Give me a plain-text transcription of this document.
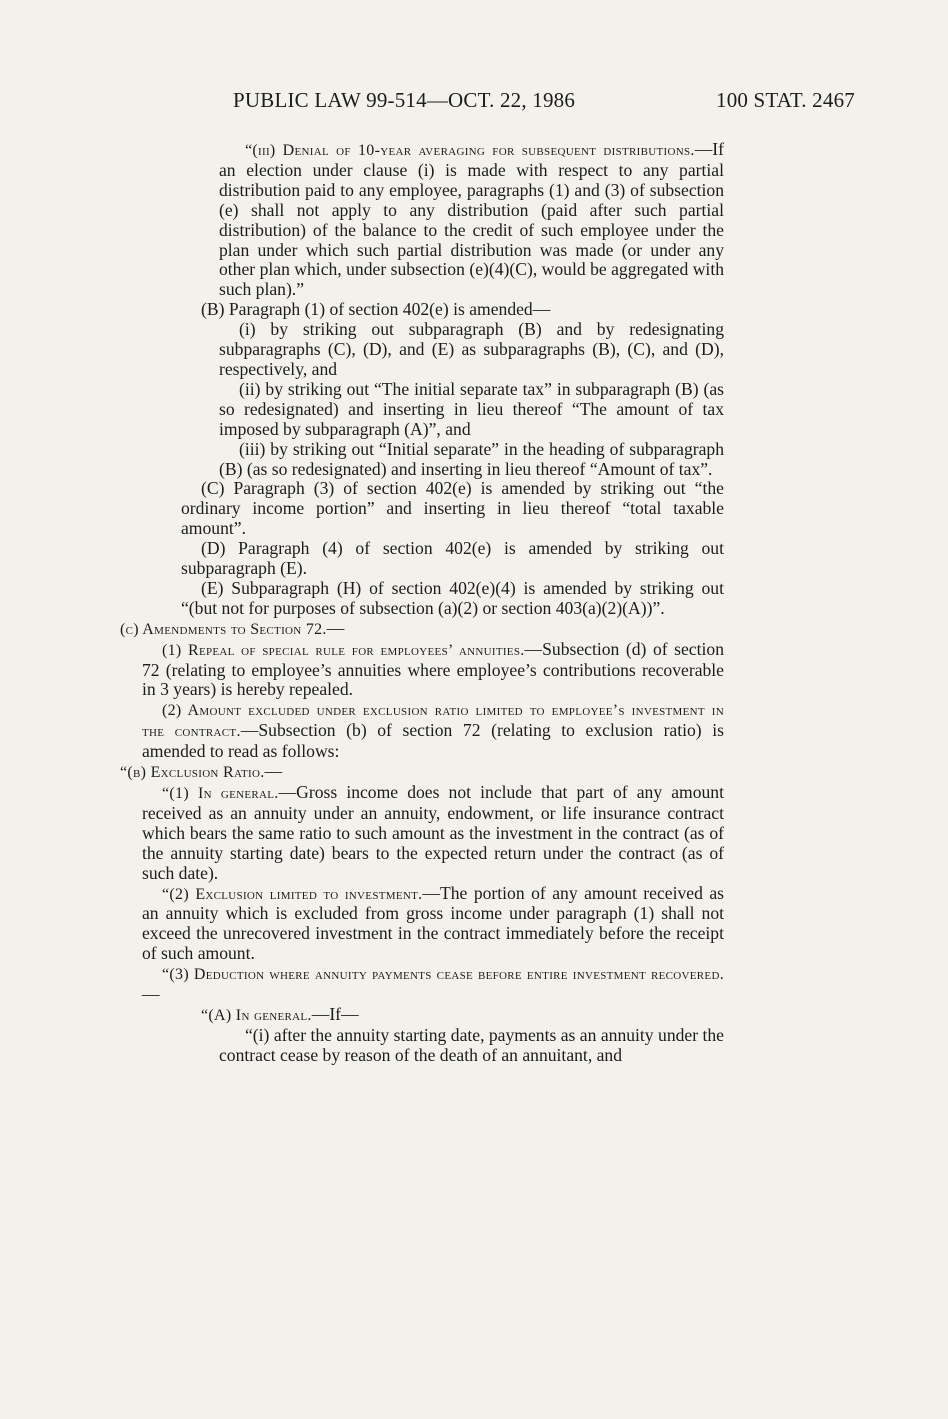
PUBLIC LAW 99-514—OCT. 22, 1986	100 STAT. 2467

“(iii) Denial of 10-year averaging for subsequent distributions.—If an election under clause (i) is made with respect to any partial distribution paid to any employee, paragraphs (1) and (3) of subsection (e) shall not apply to any distribution (paid after such partial distribution) of the balance to the credit of such employee under the plan under which such partial distribution was made (or under any other plan which, under subsection (e)(4)(C), would be aggregated with such plan).”

(B) Paragraph (1) of section 402(e) is amended—

(i) by striking out subparagraph (B) and by redesignating subparagraphs (C), (D), and (E) as subparagraphs (B), (C), and (D), respectively, and

(ii) by striking out “The initial separate tax” in subparagraph (B) (as so redesignated) and inserting in lieu thereof “The amount of tax imposed by subparagraph (A)”, and

(iii) by striking out “Initial separate” in the heading of subparagraph (B) (as so redesignated) and inserting in lieu thereof “Amount of tax”.

(C) Paragraph (3) of section 402(e) is amended by striking out “the ordinary income portion” and inserting in lieu thereof “total taxable amount”.

(D) Paragraph (4) of section 402(e) is amended by striking out subparagraph (E).

(E) Subparagraph (H) of section 402(e)(4) is amended by striking out “(but not for purposes of subsection (a)(2) or section 403(a)(2)(A))”.

(c) Amendments to Section 72.—

(1) Repeal of special rule for employees’ annuities.—Subsection (d) of section 72 (relating to employee’s annuities where employee’s contributions recoverable in 3 years) is hereby repealed.

(2) Amount excluded under exclusion ratio limited to employee’s investment in the contract.—Subsection (b) of section 72 (relating to exclusion ratio) is amended to read as follows:

“(b) Exclusion Ratio.—

“(1) In general.—Gross income does not include that part of any amount received as an annuity under an annuity, endowment, or life insurance contract which bears the same ratio to such amount as the investment in the contract (as of the annuity starting date) bears to the expected return under the contract (as of such date).

“(2) Exclusion limited to investment.—The portion of any amount received as an annuity which is excluded from gross income under paragraph (1) shall not exceed the unrecovered investment in the contract immediately before the receipt of such amount.

“(3) Deduction where annuity payments cease before entire investment recovered.—

“(A) In general.—If—

“(i) after the annuity starting date, payments as an annuity under the contract cease by reason of the death of an annuitant, and
